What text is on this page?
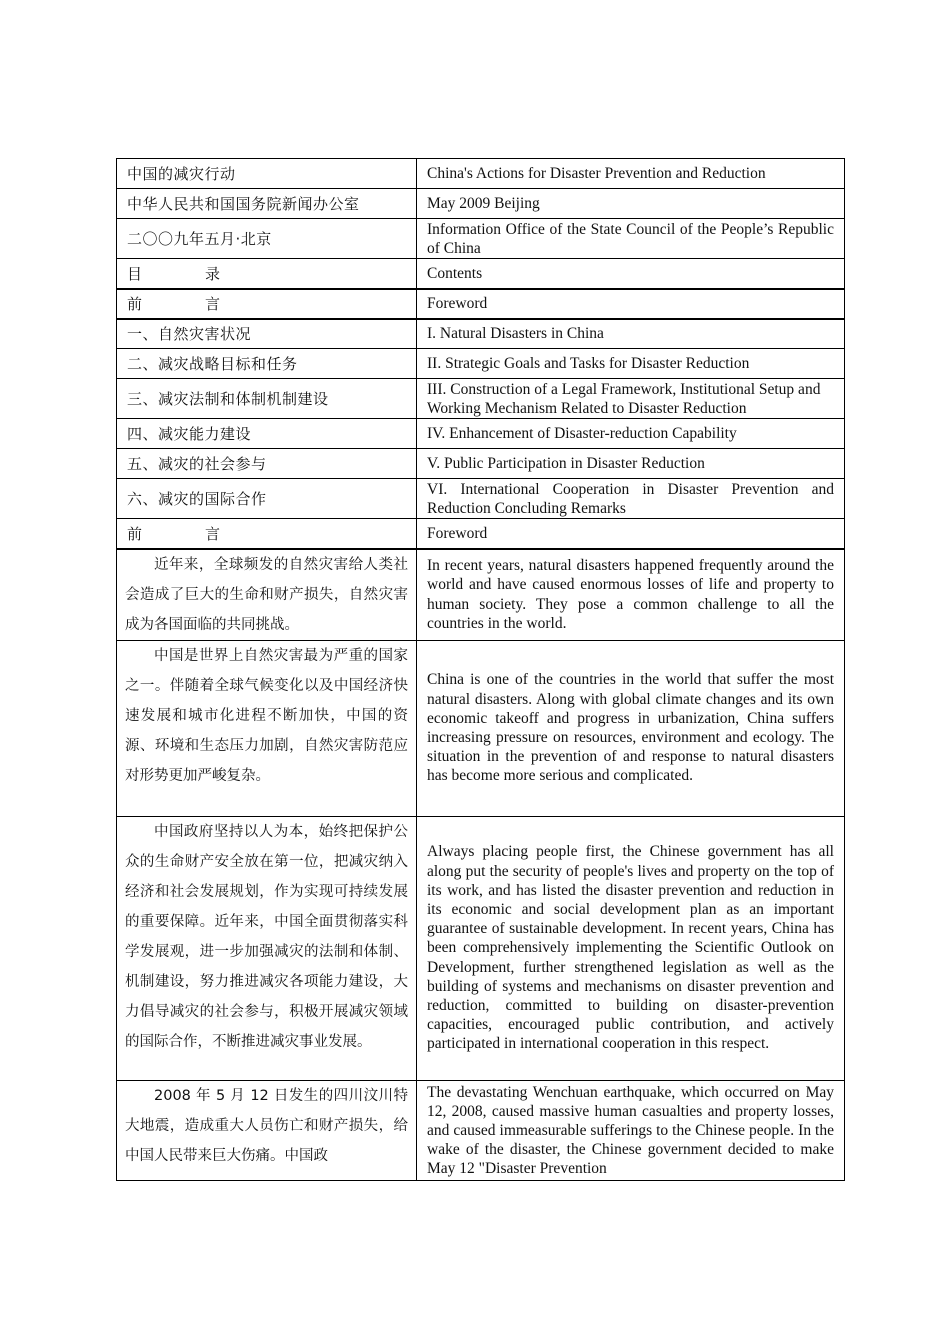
中国的减灾行动	China's Actions for Disaster Prevention and Reduction
中华人民共和国国务院新闻办公室	May 2009 Beijing
二〇〇九年五月·北京	Information Office of the State Council of the People’s Republic of China
目　录	Contents
前　言	Foreword
一、自然灾害状况	I. Natural Disasters in China
二、减灾战略目标和任务	II. Strategic Goals and Tasks for Disaster Reduction
三、减灾法制和体制机制建设	III. Construction of a Legal Framework, Institutional Setup and Working Mechanism Related to Disaster Reduction
四、减灾能力建设	IV. Enhancement of Disaster-reduction Capability
五、减灾的社会参与	V. Public Participation in Disaster Reduction
六、减灾的国际合作	VI. International Cooperation in Disaster Prevention and Reduction Concluding Remarks
前　言	Foreword

近年来，全球频发的自然灾害给人类社会造成了巨大的生命和财产损失，自然灾害成为各国面临的共同挑战。	In recent years, natural disasters happened frequently around the world and have caused enormous losses of life and property to human society. They pose a common challenge to all the countries in the world.

中国是世界上自然灾害最为严重的国家之一。伴随着全球气候变化以及中国经济快速发展和城市化进程不断加快，中国的资源、环境和生态压力加剧，自然灾害防范应对形势更加严峻复杂。	China is one of the countries in the world that suffer the most natural disasters. Along with global climate changes and its own economic takeoff and progress in urbanization, China suffers increasing pressure on resources, environment and ecology. The situation in the prevention of and response to natural disasters has become more serious and complicated.

中国政府坚持以人为本，始终把保护公众的生命财产安全放在第一位，把减灾纳入经济和社会发展规划，作为实现可持续发展的重要保障。近年来，中国全面贯彻落实科学发展观，进一步加强减灾的法制和体制、机制建设，努力推进减灾各项能力建设，大力倡导减灾的社会参与，积极开展减灾领域的国际合作，不断推进减灾事业发展。	Always placing people first, the Chinese government has all along put the security of people's lives and property on the top of its work, and has listed the disaster prevention and reduction in its economic and social development plan as an important guarantee of sustainable development. In recent years, China has been comprehensively implementing the Scientific Outlook on Development, further strengthened legislation as well as the building of systems and mechanisms on disaster prevention and reduction, committed to building on disaster-prevention capacities, encouraged public contribution, and actively participated in international cooperation in this respect.

2008 年 5 月 12 日发生的四川汶川特大地震，造成重大人员伤亡和财产损失，给中国人民带来巨大伤痛。中国政	The devastating Wenchuan earthquake, which occurred on May 12, 2008, caused massive human casualties and property losses, and caused immeasurable sufferings to the Chinese people. In the wake of the disaster, the Chinese government decided to make May 12 "Disaster Prevention
